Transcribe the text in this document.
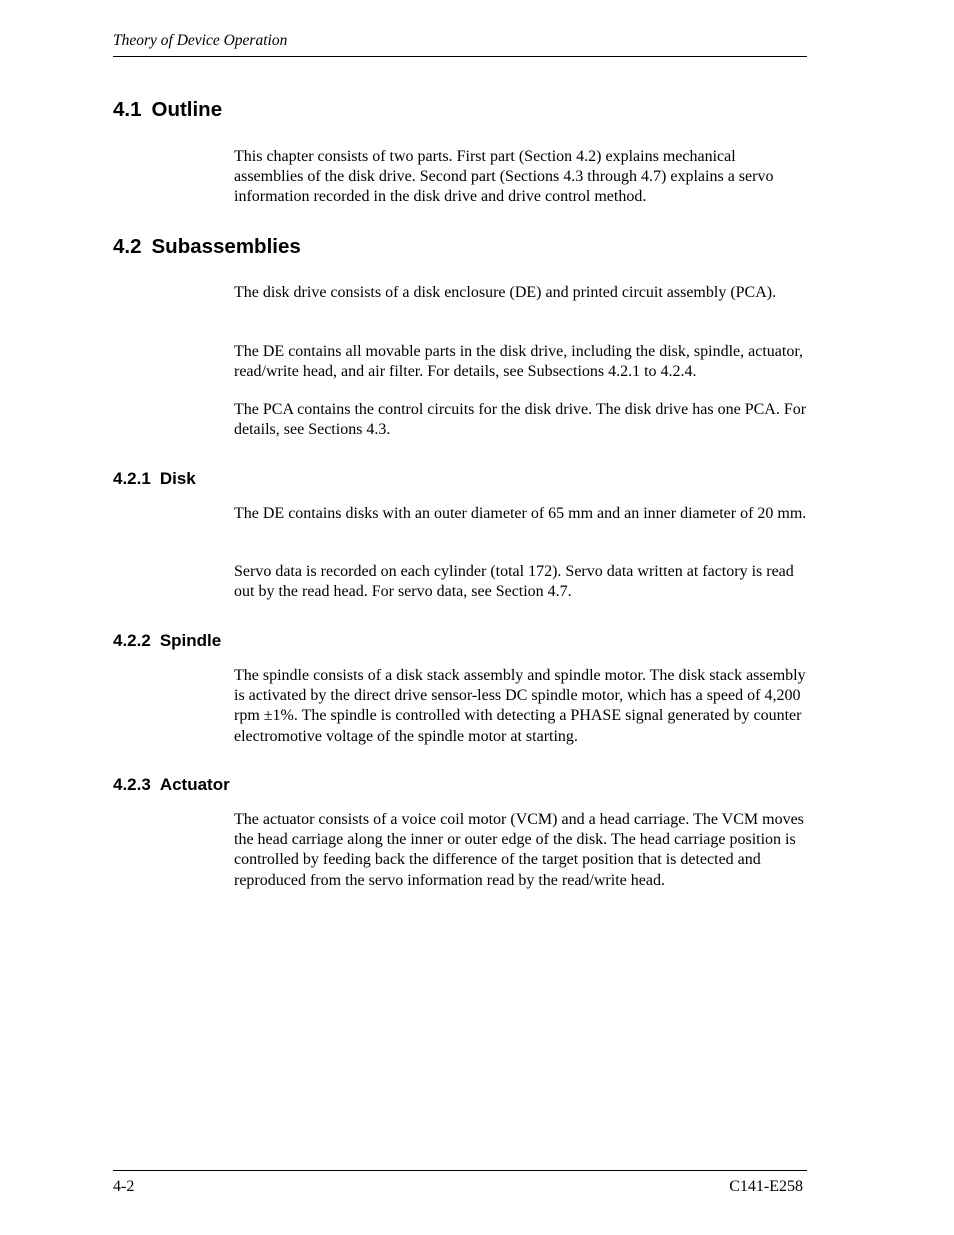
Theory of Device Operation
4.1 Outline

This chapter consists of two parts. First part (Section 4.2) explains mechanical assemblies of the disk drive. Second part (Sections 4.3 through 4.7) explains a servo information recorded in the disk drive and drive control method.

4.2 Subassemblies

The disk drive consists of a disk enclosure (DE) and printed circuit assembly (PCA).

The DE contains all movable parts in the disk drive, including the disk, spindle, actuator, read/write head, and air filter. For details, see Subsections 4.2.1 to 4.2.4.

The PCA contains the control circuits for the disk drive. The disk drive has one PCA. For details, see Sections 4.3.

4.2.1 Disk

The DE contains disks with an outer diameter of 65 mm and an inner diameter of 20 mm.

Servo data is recorded on each cylinder (total 172). Servo data written at factory is read out by the read head. For servo data, see Section 4.7.

4.2.2 Spindle

The spindle consists of a disk stack assembly and spindle motor. The disk stack assembly is activated by the direct drive sensor-less DC spindle motor, which has a speed of 4,200 rpm ±1%. The spindle is controlled with detecting a PHASE signal generated by counter electromotive voltage of the spindle motor at starting.

4.2.3 Actuator

The actuator consists of a voice coil motor (VCM) and a head carriage. The VCM moves the head carriage along the inner or outer edge of the disk. The head carriage position is controlled by feeding back the difference of the target position that is detected and reproduced from the servo information read by the read/write head.

4-2	C141-E258
